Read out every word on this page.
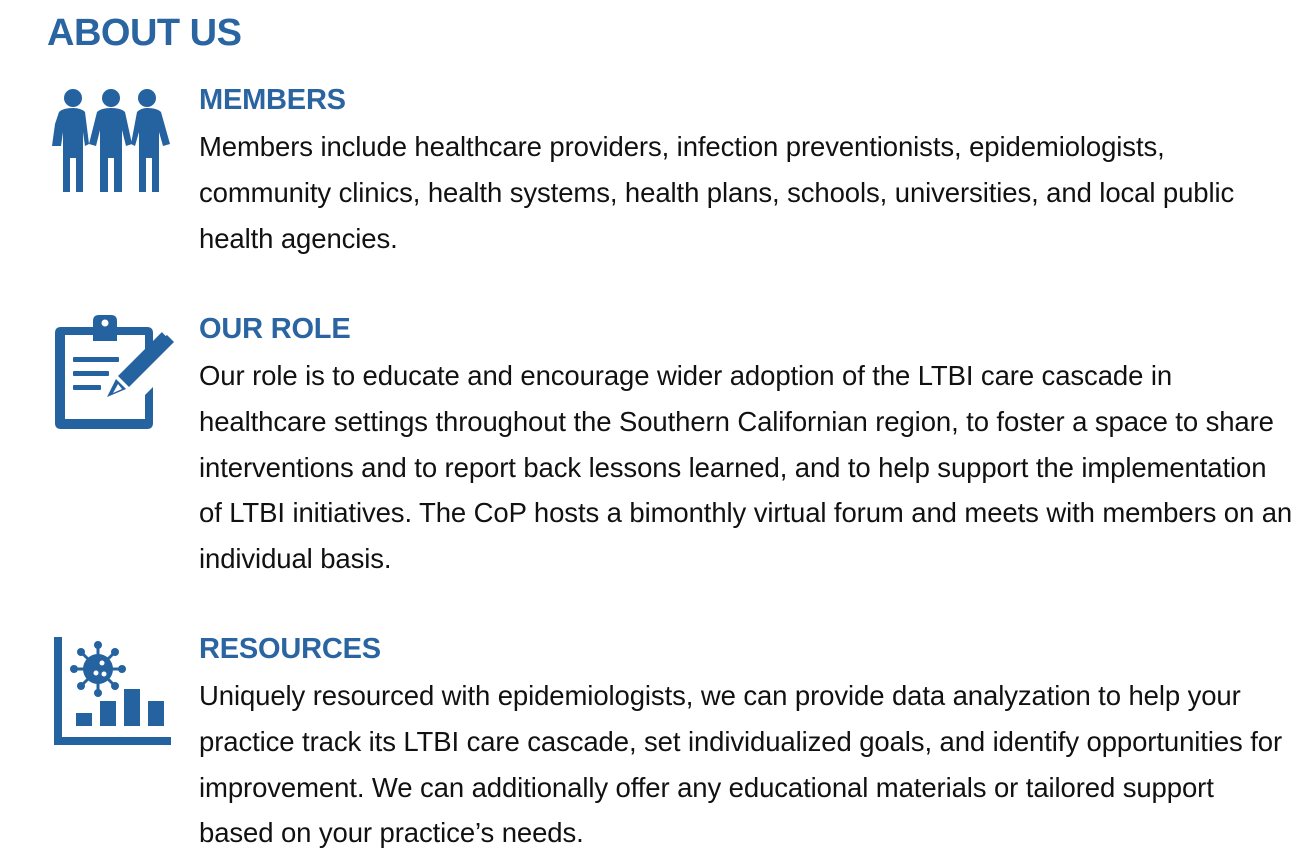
ABOUT US
MEMBERS

Members include healthcare providers, infection preventionists, epidemiologists, community clinics, health systems, health plans, schools, universities, and local public health agencies.

OUR ROLE

Our role is to educate and encourage wider adoption of the LTBI care cascade in healthcare settings throughout the Southern Californian region, to foster a space to share interventions and to report back lessons learned, and to help support the implementation of LTBI initiatives. The CoP hosts a bimonthly virtual forum and meets with members on an individual basis.

RESOURCES

Uniquely resourced with epidemiologists, we can provide data analyzation to help your practice track its LTBI care cascade, set individualized goals, and identify opportunities for improvement. We can additionally offer any educational materials or tailored support based on your practice’s needs.
